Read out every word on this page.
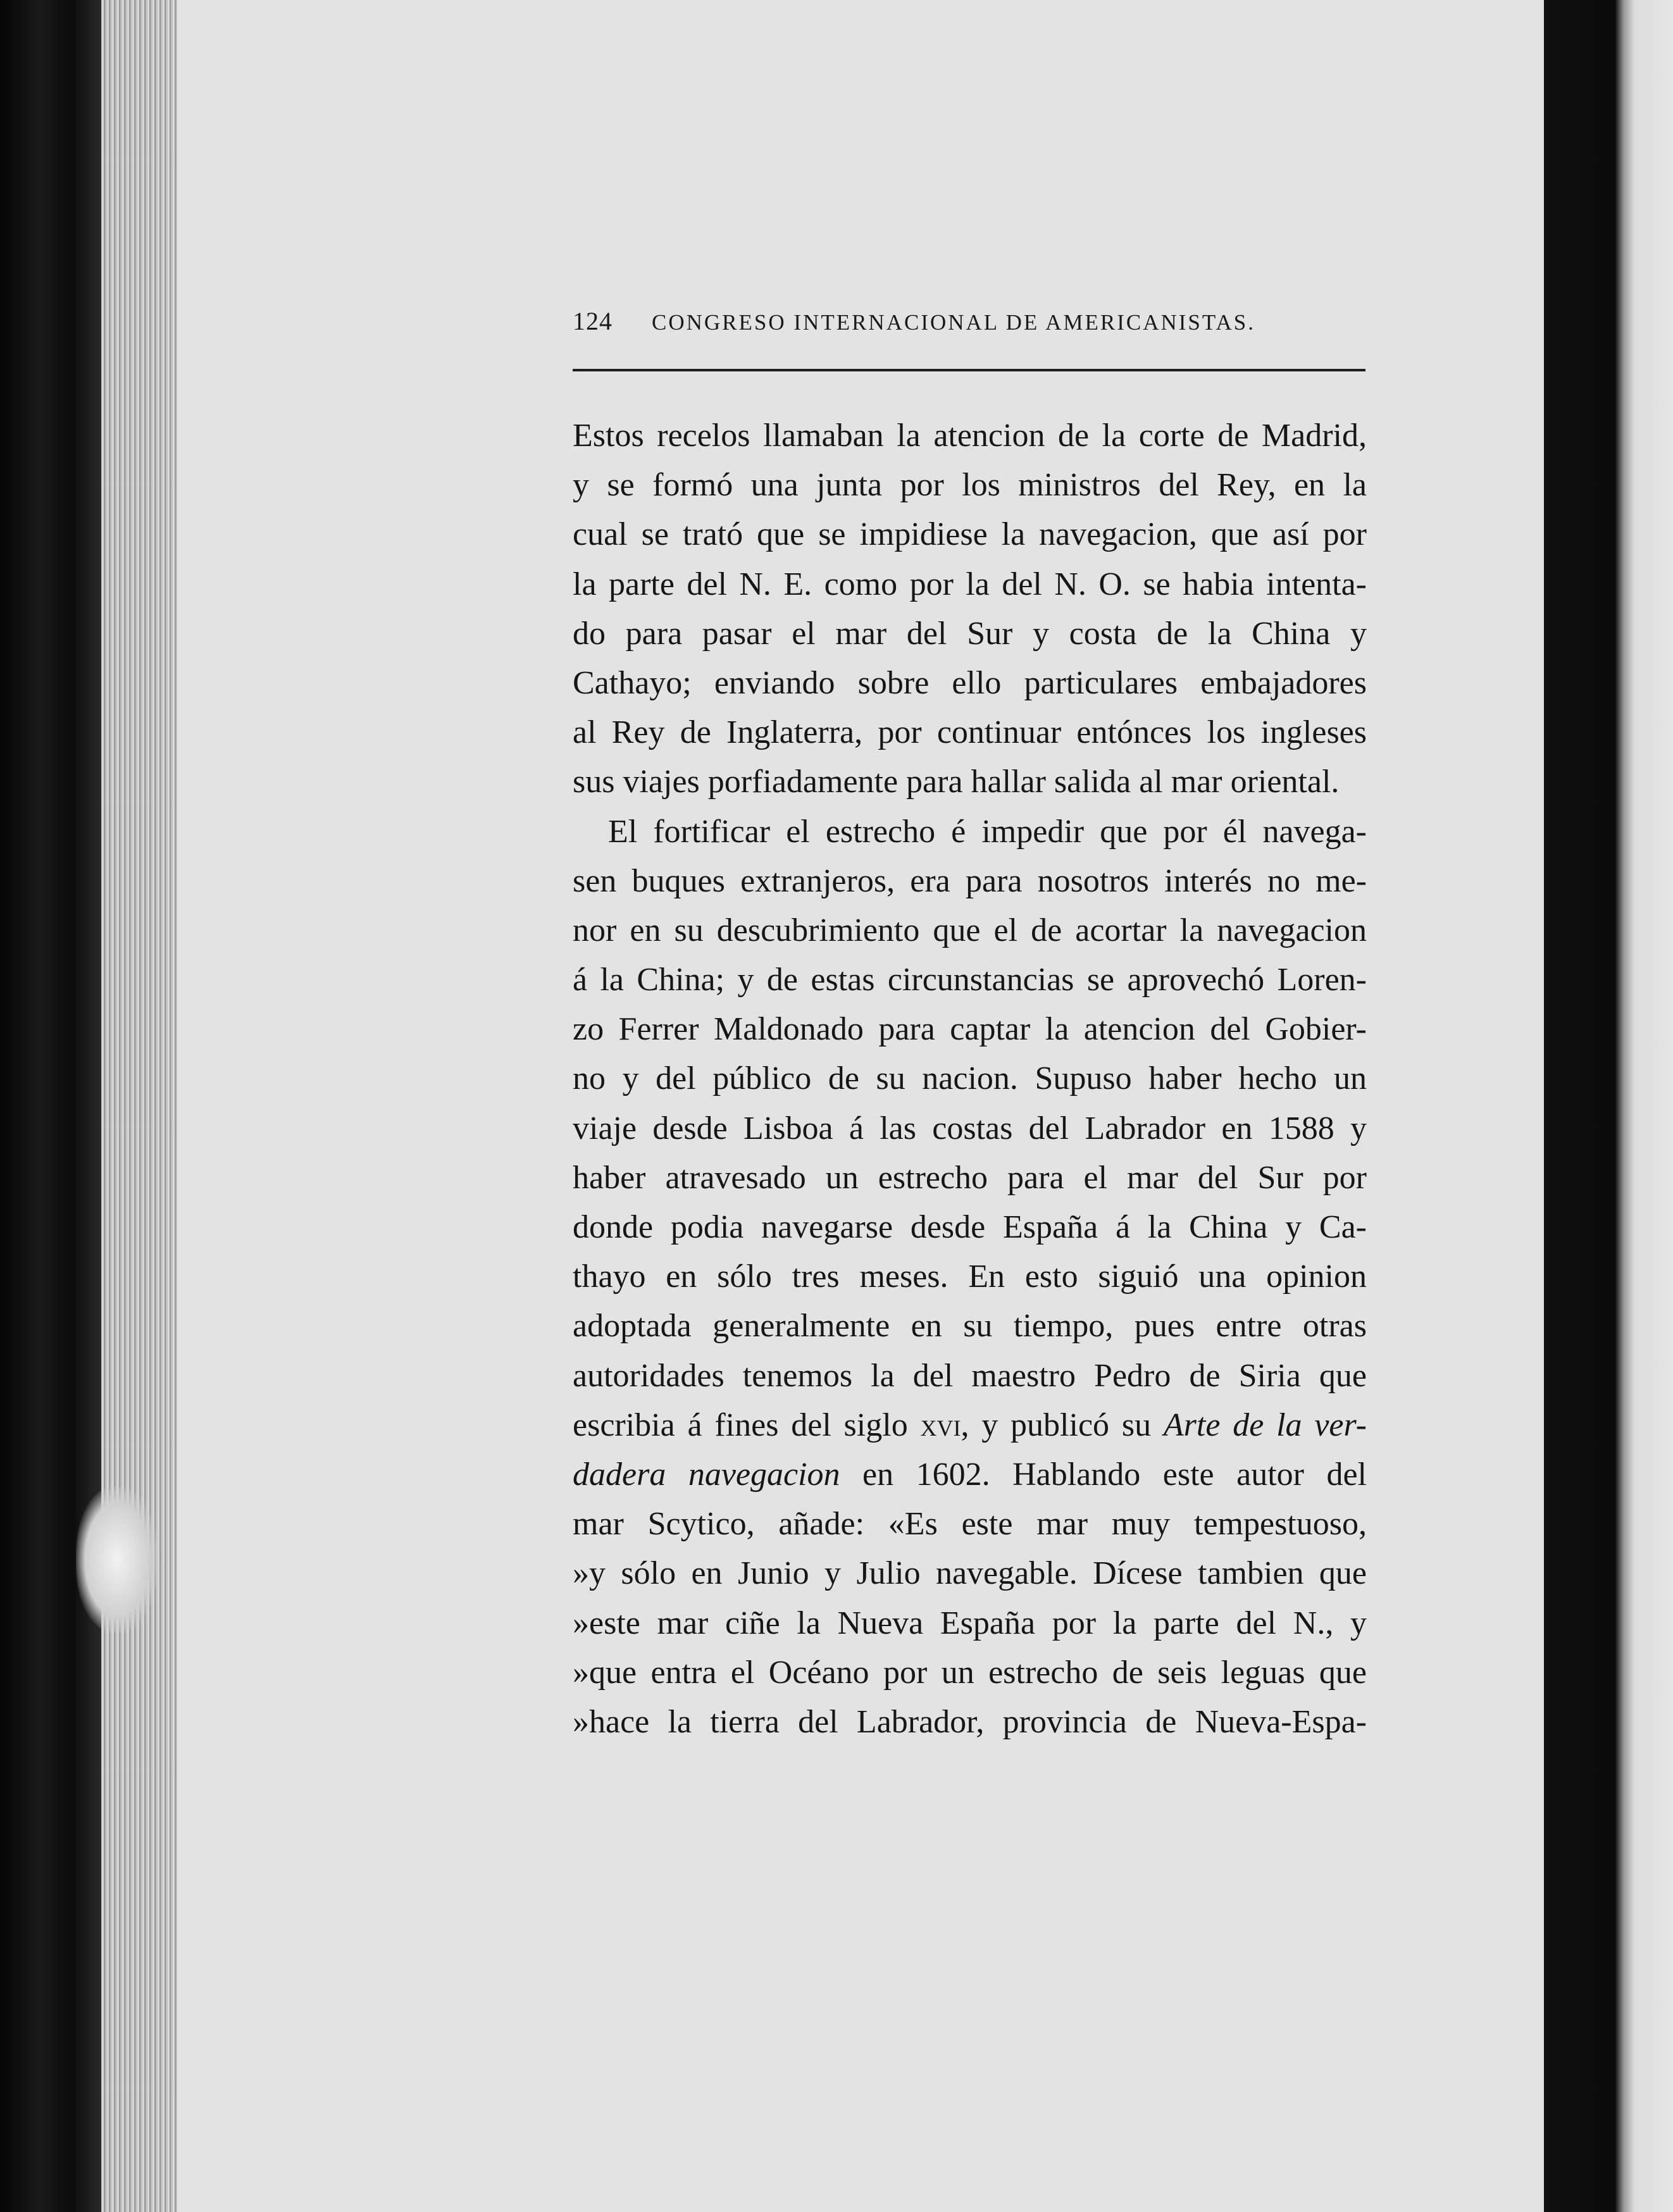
124 CONGRESO INTERNACIONAL DE AMERICANISTAS.
Estos recelos llamaban la atencion de la corte de Madrid,
y se formó una junta por los ministros del Rey, en la
cual se trató que se impidiese la navegacion, que así por
la parte del N. E. como por la del N. O. se habia intenta-
do para pasar el mar del Sur y costa de la China y
Cathayo; enviando sobre ello particulares embajadores
al Rey de Inglaterra, por continuar entónces los ingleses
sus viajes porfiadamente para hallar salida al mar oriental.
El fortificar el estrecho é impedir que por él navega-
sen buques extranjeros, era para nosotros interés no me-
nor en su descubrimiento que el de acortar la navegacion
á la China; y de estas circunstancias se aprovechó Loren-
zo Ferrer Maldonado para captar la atencion del Gobier-
no y del público de su nacion. Supuso haber hecho un
viaje desde Lisboa á las costas del Labrador en 1588 y
haber atravesado un estrecho para el mar del Sur por
donde podia navegarse desde España á la China y Ca-
thayo en sólo tres meses. En esto siguió una opinion
adoptada generalmente en su tiempo, pues entre otras
autoridades tenemos la del maestro Pedro de Siria que
escribia á fines del siglo xvi, y publicó su Arte de la ver-
dadera navegacion en 1602. Hablando este autor del
mar Scytico, añade: «Es este mar muy tempestuoso,
»y sólo en Junio y Julio navegable. Dícese tambien que
»este mar ciñe la Nueva España por la parte del N., y
»que entra el Océano por un estrecho de seis leguas que
»hace la tierra del Labrador, provincia de Nueva-Espa-
